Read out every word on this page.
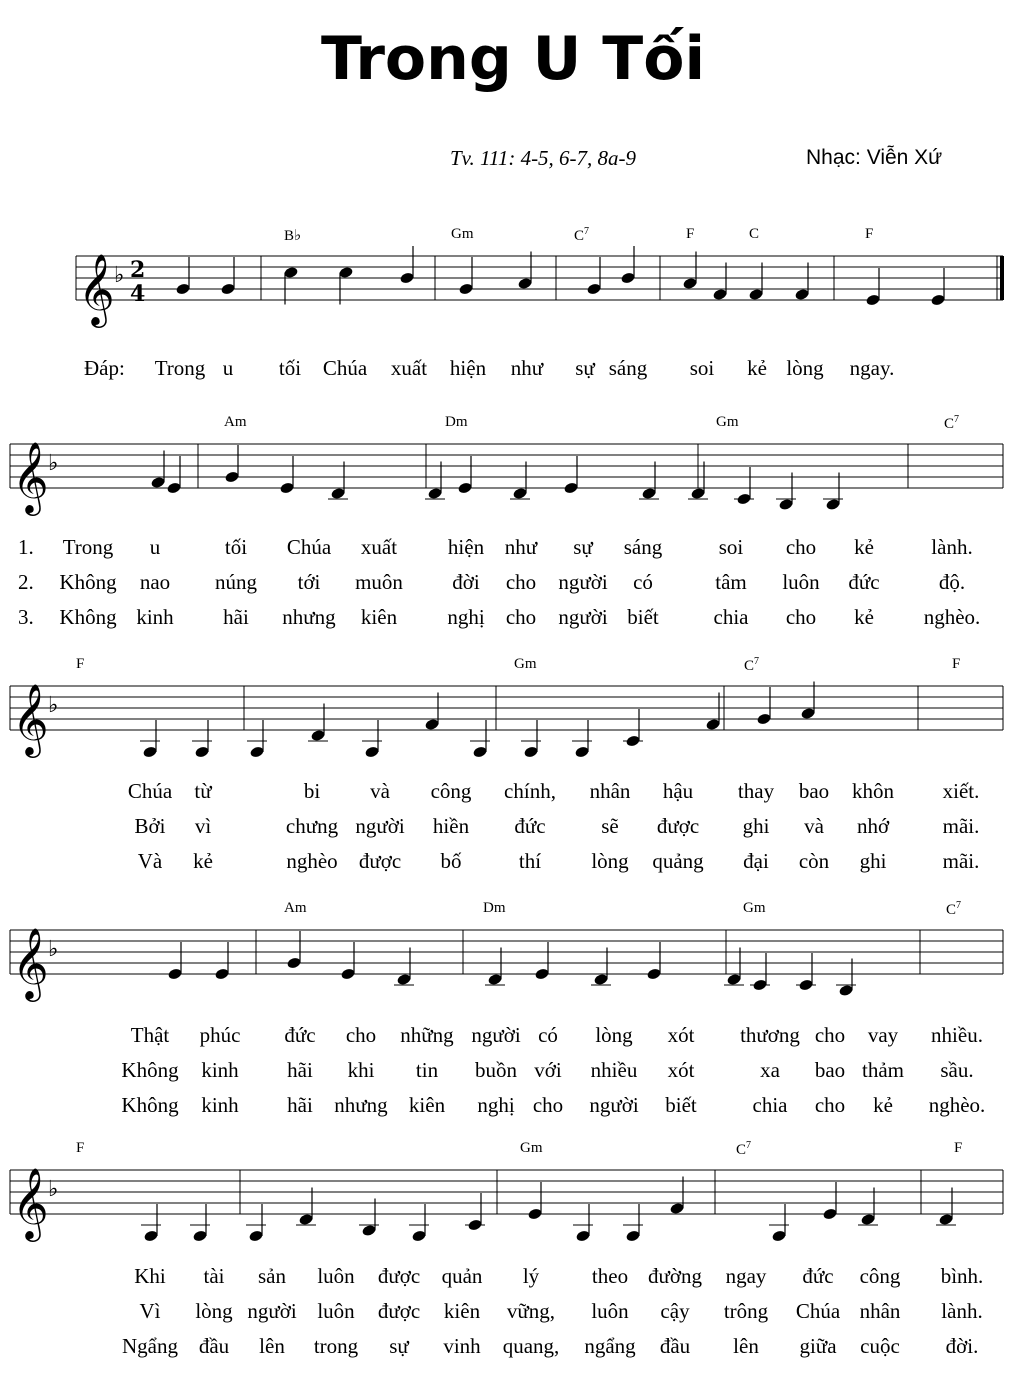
Trong U Tối
Tv. 111: 4-5, 6-7, 8a-9	Nhạc: Viễn Xứ
B♭	Gm	$C^7$	F	C	F
𝄞 ♭ 2
4
Đáp: Trong u tối Chúa xuất hiện như sự sáng soi kẻ lòng ngay.
Am	Dm	Gm	$C^7$
𝄞 ♭
1. Trong u	tối Chúa xuất hiện như sự sáng	soi cho kẻ	lành.
2. Không nao núng tới muôn đời cho người có	tâm luôn đức	độ.
3. Không kinh hãi nhưng kiên nghị cho người biết	chia cho kẻ nghèo.
F	Gm	$C^7$	F
𝄞 ♭
Chúa từ	bi và công chính, nhân hậu thay bao khôn xiết.
Bởi vì	chưng người hiền đức	sẽ được ghi và nhớ	mãi.
Và kẻ	nghèo được bố	thí lòng quảng đại còn ghi	mãi.
Am	Dm	Gm	$C^7$
𝄞 ♭
Thật phúc đức cho những người có lòng xót thương cho vay nhiều.
Không kinh hãi khi tin buồn với nhiều xót	xa bao thảm sầu.
Không kinh hãi nhưng kiên nghị cho người biết	chia cho kẻ nghèo.
F	Gm	$C^7$	F
𝄞 ♭
Khi tài sản luôn được quản lý	theo đường ngay đức công bình.
Vì lòng người luôn được kiên vững, luôn cậy trông Chúa nhân lành.
Ngẩng đầu lên trong sự vinh quang, ngẩng đầu lên giữa cuộc đời.
